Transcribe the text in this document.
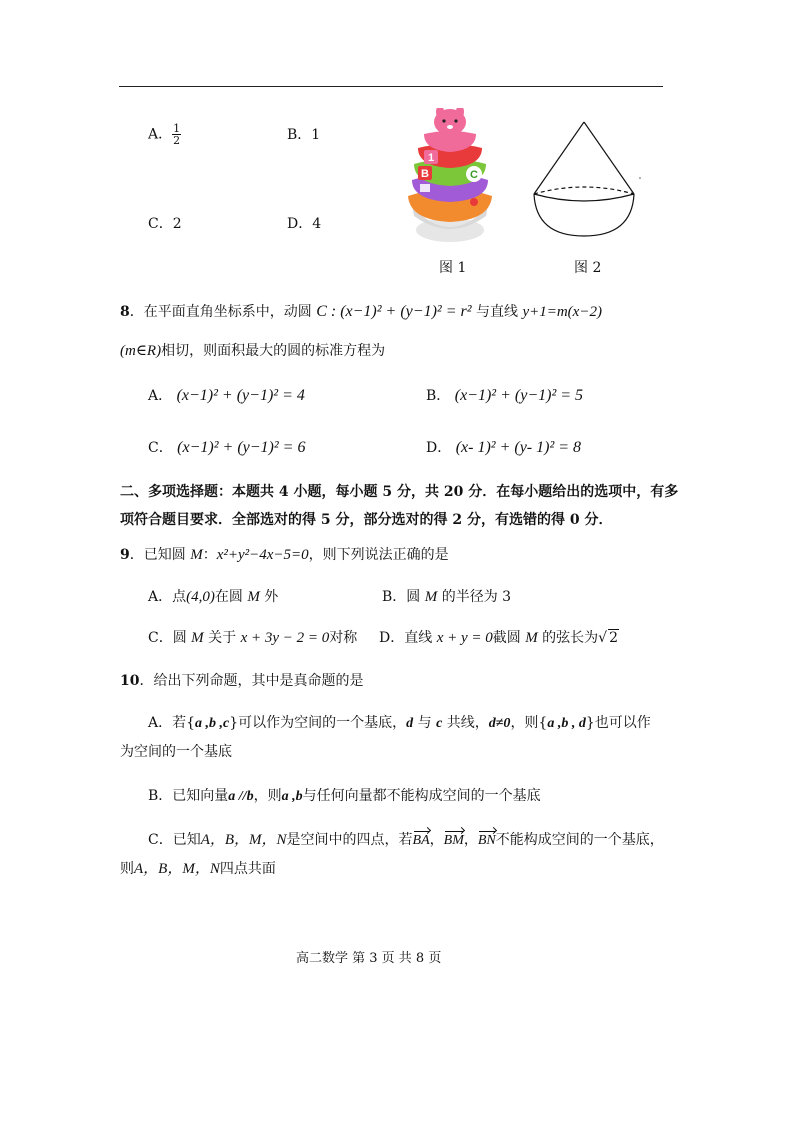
A． $\frac{1}{2}$	B．1
C．2	D．4
1
B	C
图 1	图 2
8．在平面直角坐标系中，动圆 C : (x−1)² + (y−1)² = r² 与直线 y+1=m(x−2)
(m∈R)相切，则面积最大的圆的标准方程为
A． (x−1)² + (y−1)² = 4	B． (x−1)² + (y−1)² = 5
C． (x−1)² + (y−1)² = 6	D． (x- 1)² + (y- 1)² = 8
二、多项选择题：本题共 4 小题，每小题 5 分，共 20 分．在每小题给出的选项中，有多
项符合题目要求．全部选对的得 5 分，部分选对的得 2 分，有选错的得 0 分．
9．已知圆 M：x²+y²−4x−5=0，则下列说法正确的是
A．点(4,0)在圆 M 外	B．圆 M 的半径为 3
C．圆 M 关于 x + 3y − 2 = 0对称 D．直线 x + y = 0截圆 M 的弦长为√ 2
10．给出下列命题，其中是真命题的是
A．若{a ,b ,c}可以作为空间的一个基底，d 与 c 共线，d≠0，则{a ,b , d}也可以作
为空间的一个基底
B．已知向量a //b，则a ,b与任何向量都不能构成空间的一个基底
C．已知A，B，M，N是空间中的四点，若BA，BM，BN不能构成空间的一个基底，
则A，B，M，N四点共面
高二数学 第 3 页 共 8 页
